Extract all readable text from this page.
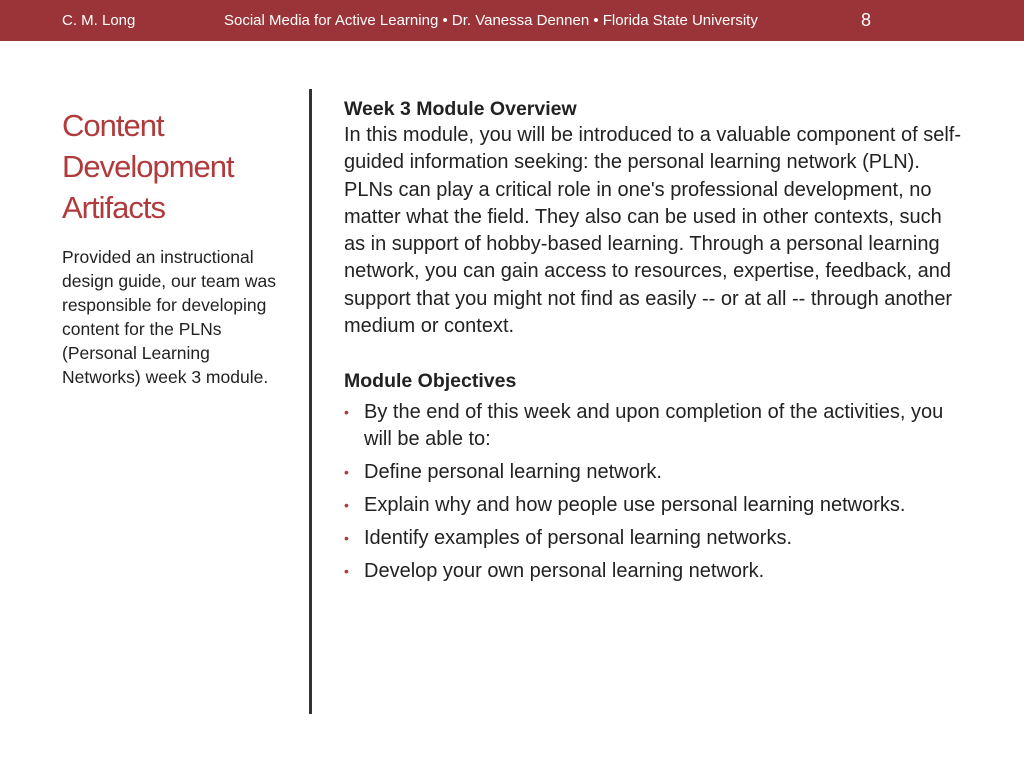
C. M. Long	Social Media for Active Learning • Dr. Vanessa Dennen • Florida State University	8
Content
Development
Artifacts
Provided an instructional design guide, our team was responsible for developing content for the PLNs (Personal Learning Networks) week 3 module.
Week 3 Module Overview

In this module, you will be introduced to a valuable component of self-guided information seeking: the personal learning network (PLN). PLNs can play a critical role in one's professional development, no matter what the field. They also can be used in other contexts, such as in support of hobby-based learning. Through a personal learning network, you can gain access to resources, expertise, feedback, and support that you might not find as easily -- or at all -- through another medium or context.

Module Objectives
• By the end of this week and upon completion of the activities, you will be able to:
• Define personal learning network.
• Explain why and how people use personal learning networks.
• Identify examples of personal learning networks.
• Develop your own personal learning network.
